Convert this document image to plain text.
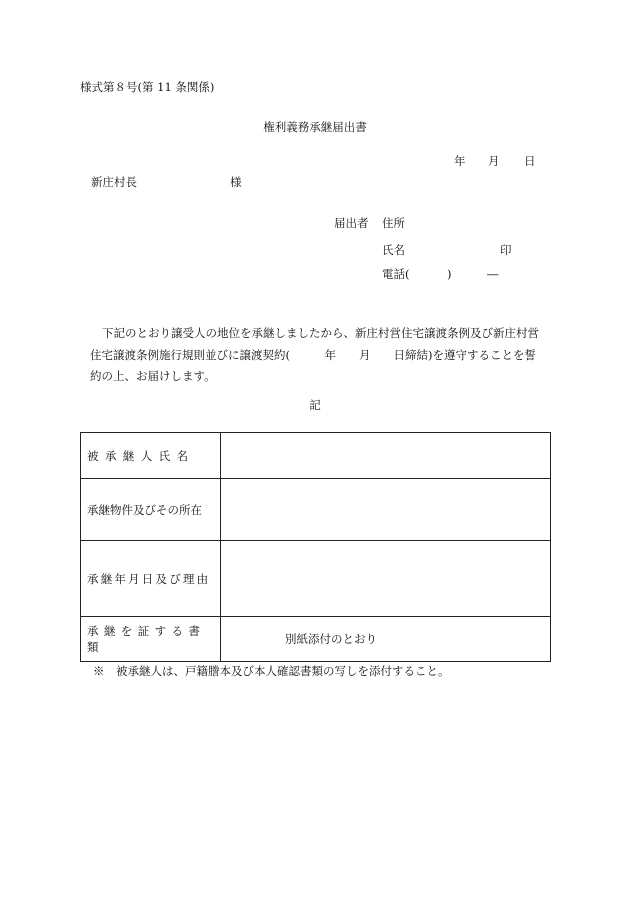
様式第８号(第 11 条関係)
権利義務承継届出書
年 月 日
新庄村長	様
届出者 住所
氏名	印
電話(	)	―

下記のとおり譲受人の地位を承継しましたから、新庄村営住宅譲渡条例及び新庄村営

住宅譲渡条例施行規則並びに譲渡契約(　　　年　　月　　日締結)を遵守することを誓

約の上、お届けします。

記
被承継人氏名	
承継物件及びその所在	
承継年月日及び理由	
承継を証する書類	別紙添付のとおり
※　被承継人は、戸籍謄本及び本人確認書類の写しを添付すること。
